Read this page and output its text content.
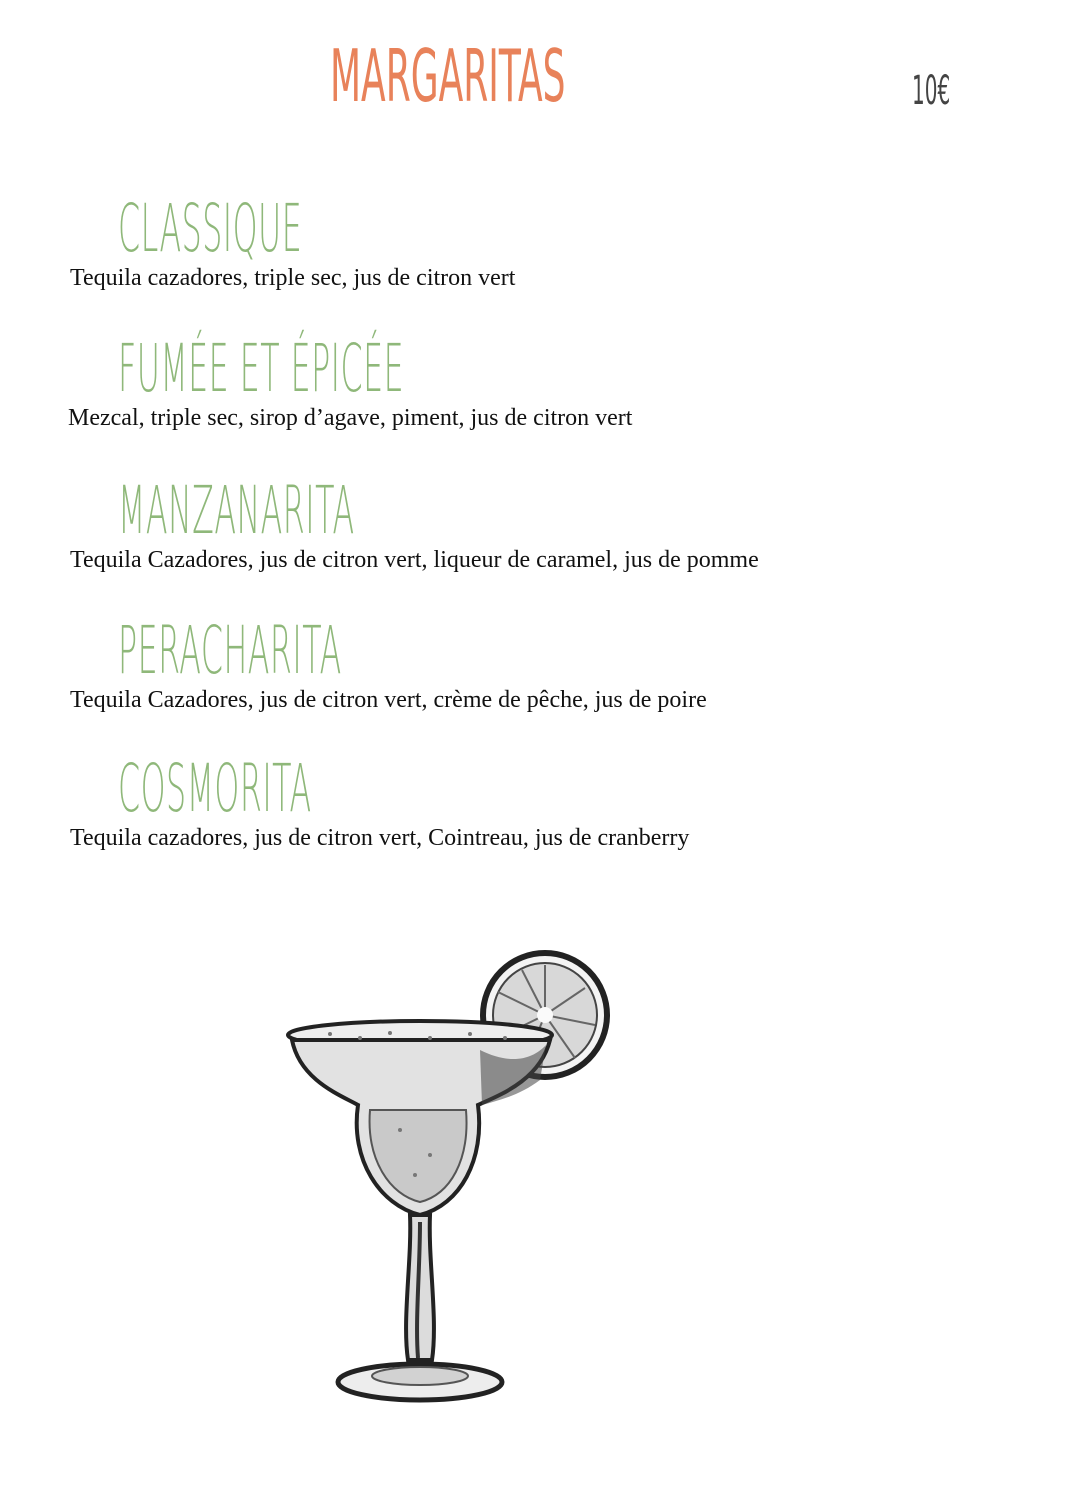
MARGARITAS	10€
CLASSIQUE
Tequila cazadores, triple sec, jus de citron vert
FUMÉE ET ÉPICÉE
Mezcal, triple sec, sirop d’agave, piment, jus de citron vert
MANZANARITA
Tequila Cazadores, jus de citron vert, liqueur de caramel, jus de pomme
PERACHARITA
Tequila Cazadores, jus de citron vert, crème de pêche, jus de poire
COSMORITA
Tequila cazadores, jus de citron vert, Cointreau, jus de cranberry
